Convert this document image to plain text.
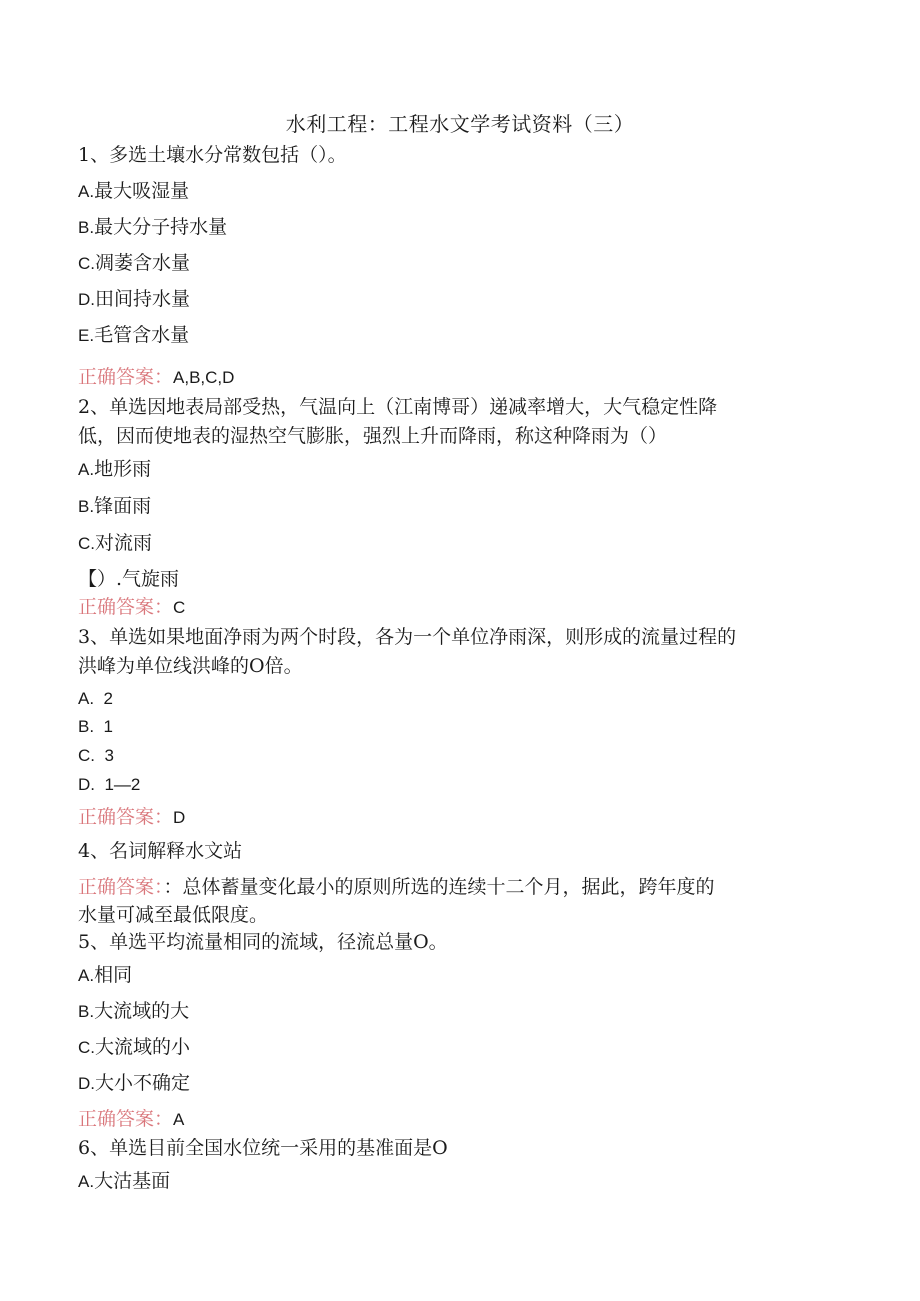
水利工程：工程水文学考试资料（三）
1、多选土壤水分常数包括（）。
A.最大吸湿量
B.最大分子持水量
C.凋萎含水量
D.田间持水量
E.毛管含水量
正确答案：A,B,C,D
2、单选因地表局部受热，气温向上（江南博哥）递减率增大，大气稳定性降
低，因而使地表的湿热空气膨胀，强烈上升而降雨，称这种降雨为（）
A.地形雨
B.锋面雨
C.对流雨
【）.气旋雨
正确答案：C
3、单选如果地面净雨为两个时段，各为一个单位净雨深，则形成的流量过程的
洪峰为单位线洪峰的O倍。
A. 2
B. 1
C. 3
D. 1—2
正确答案：D
4、名词解释水文站
正确答案：：总体蓄量变化最小的原则所选的连续十二个月，据此，跨年度的
水量可减至最低限度。
5、单选平均流量相同的流域，径流总量O。
A.相同
B.大流域的大
C.大流域的小
D.大小不确定
正确答案：A
6、单选目前全国水位统一采用的基准面是O
A.大沽基面
